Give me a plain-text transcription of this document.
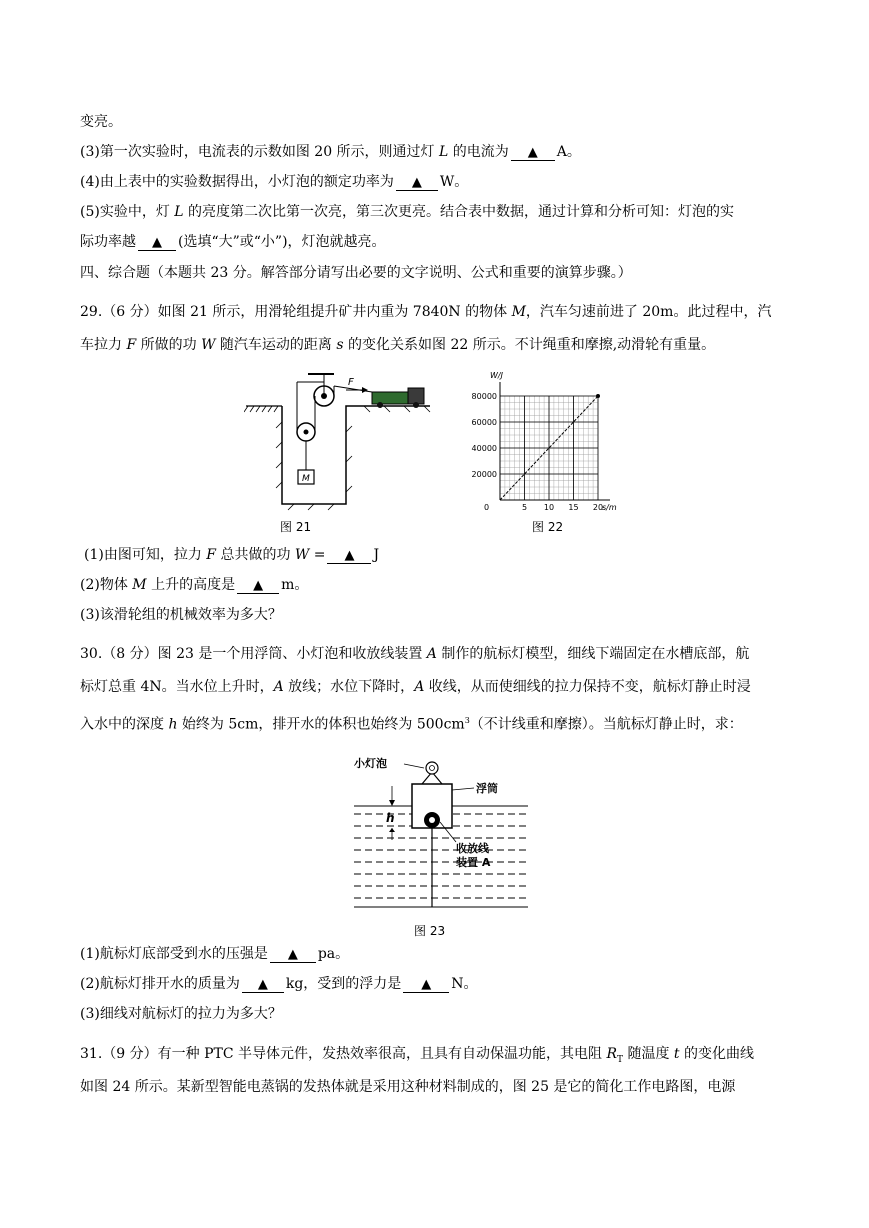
变亮。
(3)第一次实验时，电流表的示数如图 20 所示，则通过灯 L 的电流为 ▲ A。
(4)由上表中的实验数据得出，小灯泡的额定功率为 ▲ W。
(5)实验中，灯 L 的亮度第二次比第一次亮，第三次更亮。结合表中数据，通过计算和分析可知：灯泡的实
际功率越 ▲ (选填“大”或“小”)，灯泡就越亮。
四、综合题（本题共 23 分。解答部分请写出必要的文字说明、公式和重要的演算步骤。）
29.（6 分）如图 21 所示，用滑轮组提升矿井内重为 7840N 的物体 M，汽车匀速前进了 20m。此过程中，汽
车拉力 F 所做的功 W 随汽车运动的距离 s 的变化关系如图 22 所示。不计绳重和摩擦,动滑轮有重量。
M
F
图 21
W/J
s/m
0
20000
40000
60000
80000
5 10 15 20
图 22
(1)由图可知，拉力 F 总共做的功 W = ▲ J
(2)物体 M 上升的高度是 ▲ m。
(3)该滑轮组的机械效率为多大？
30.（8 分）图 23 是一个用浮筒、小灯泡和收放线装置 A 制作的航标灯模型，细线下端固定在水槽底部，航
标灯总重 4N。当水位上升时，A 放线；水位下降时，A 收线，从而使细线的拉力保持不变，航标灯静止时浸
入水中的深度 h 始终为 5cm，排开水的体积也始终为 $500cm^3$（不计线重和摩擦）。当航标灯静止时，求：
h
小灯泡
浮筒
收放线
装置 A
图 23
(1)航标灯底部受到水的压强是 ▲ pa。
(2)航标灯排开水的质量为 ▲ kg，受到的浮力是 ▲ N。
(3)细线对航标灯的拉力为多大？
31.（9 分）有一种 PTC 半导体元件，发热效率很高，且具有自动保温功能，其电阻 $R_T$ 随温度 t 的变化曲线
如图 24 所示。某新型智能电蒸锅的发热体就是采用这种材料制成的，图 25 是它的简化工作电路图，电源
